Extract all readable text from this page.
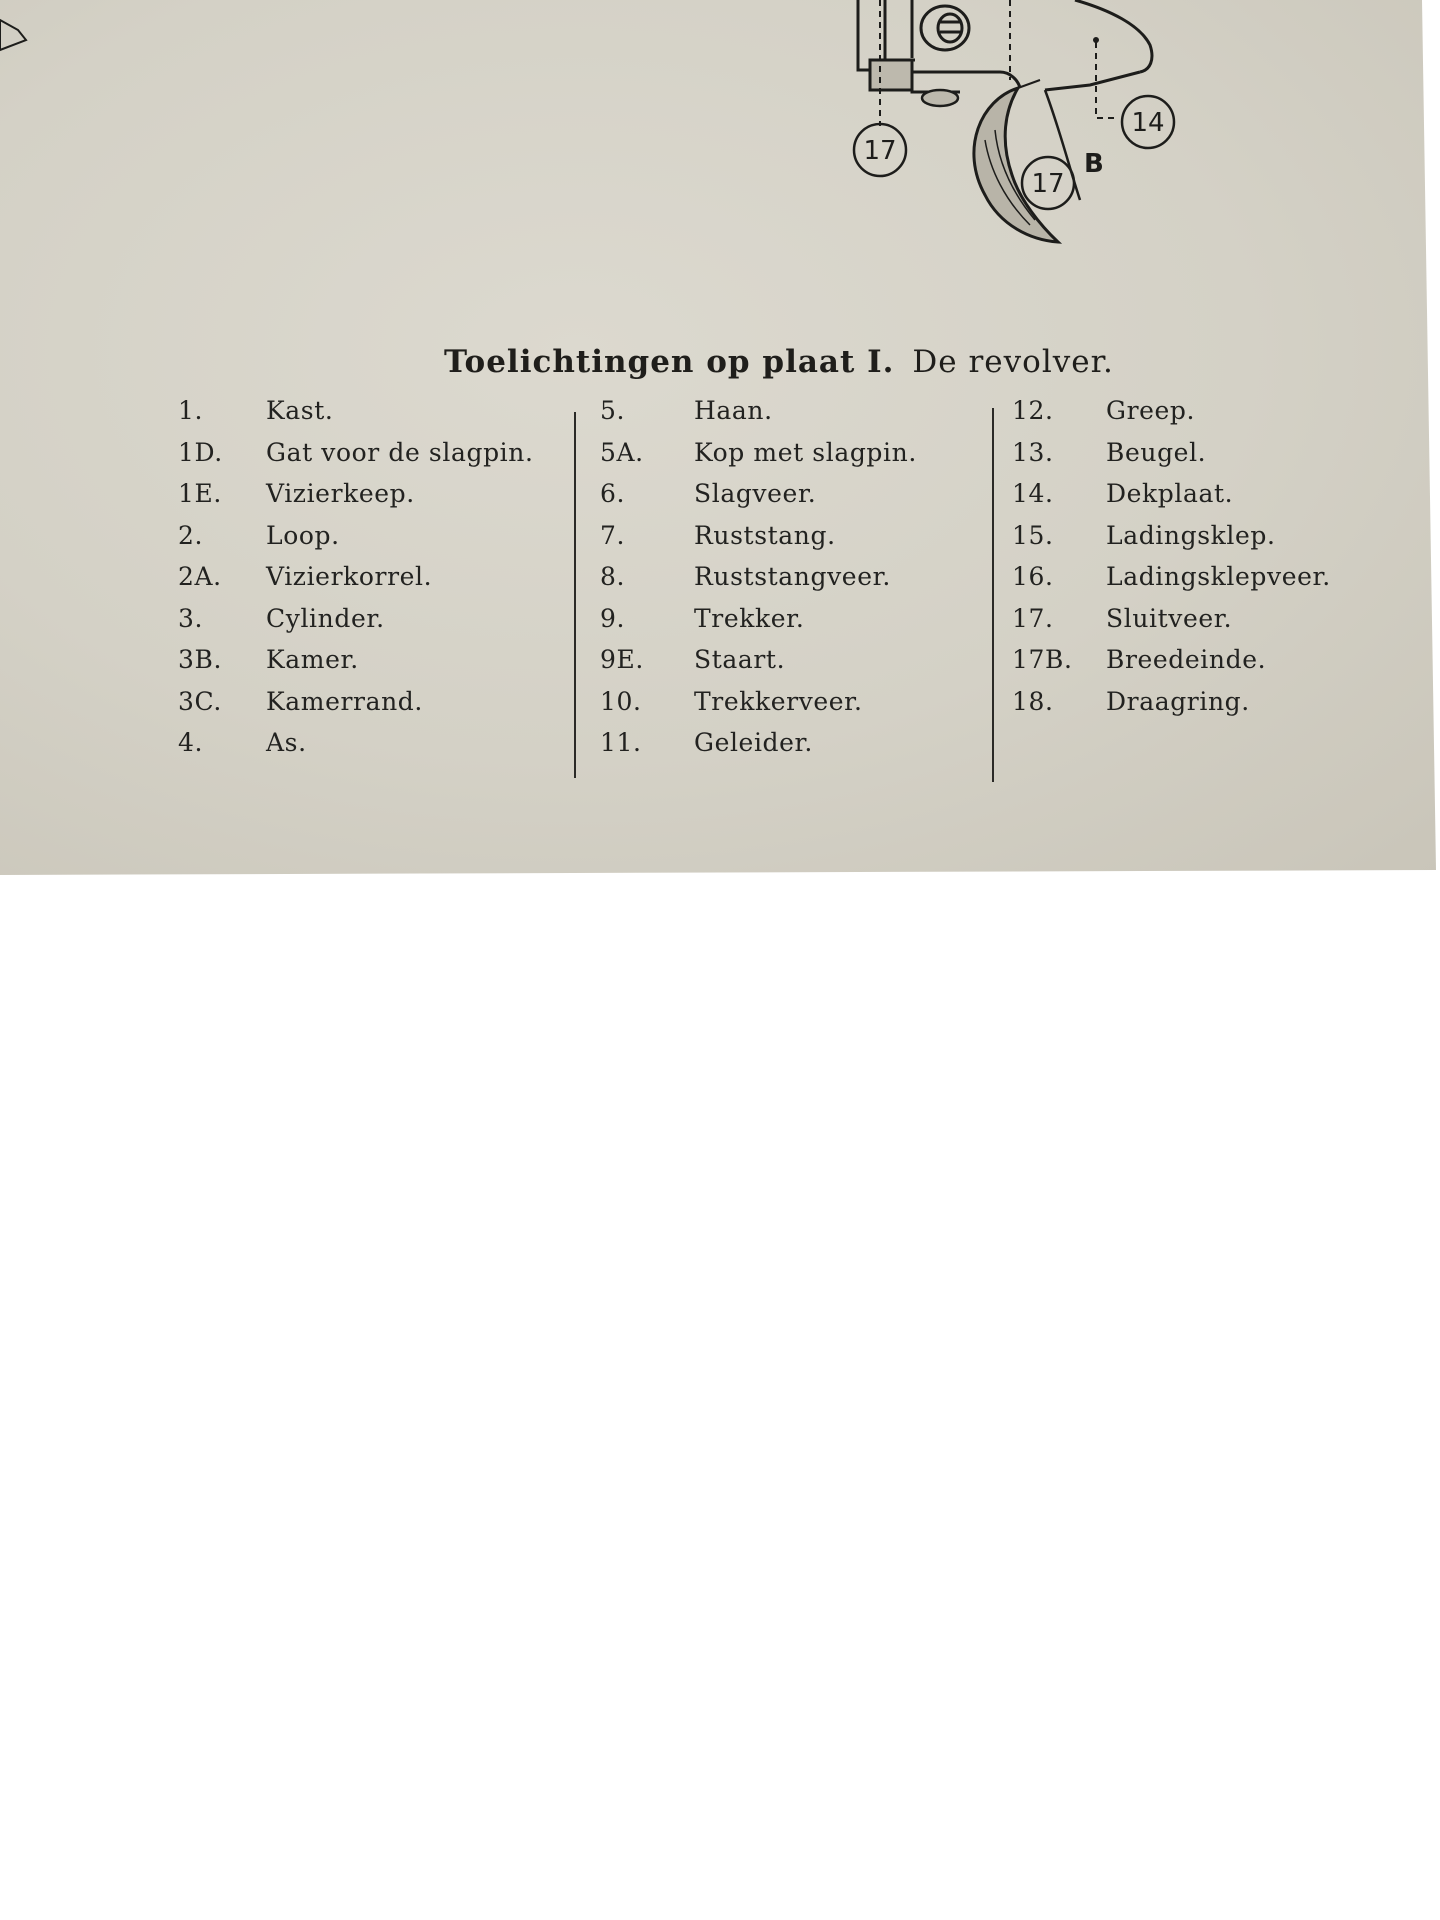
17
17
B
14
Toelichtingen op plaat I. De revolver.
1.	Kast.
1D. Gat voor de slagpin.
1E. Vizierkeep.
2.	Loop.
2A. Vizierkorrel.
3.	Cylinder.
3B. Kamer.
3C. Kamerrand.
4.	As.
5.	Haan.
5A. Kop met slagpin.
6.	Slagveer.
7.	Ruststang.
8.	Ruststangveer.
9.	Trekker.
9E. Staart.
10. Trekkerveer.
11. Geleider.
12. Greep.
13. Beugel.
14. Dekplaat.
15. Ladingsklep.
16. Ladingsklepveer.
17. Sluitveer.
17B. Breedeinde.
18. Draagring.
